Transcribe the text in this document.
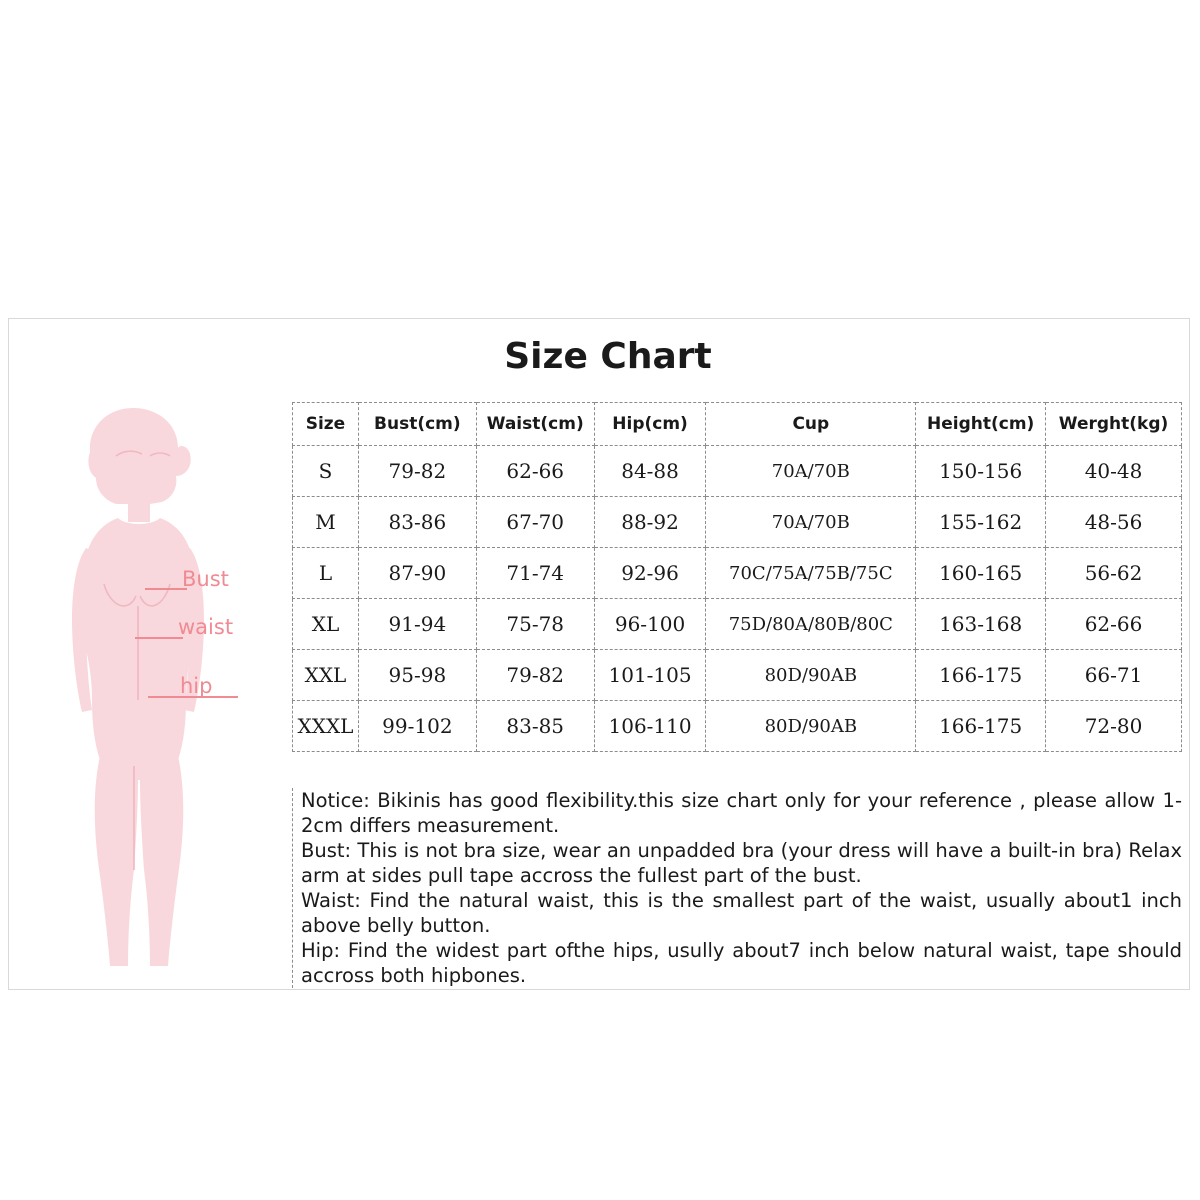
Size Chart
Bust
waist
hip
Size	Bust(cm)	Waist(cm)	Hip(cm)	Cup	Height(cm)	Werght(kg)
S	79-82	62-66	84-88	70A/70B	150-156	40-48
M	83-86	67-70	88-92	70A/70B	155-162	48-56
L	87-90	71-74	92-96	70C/75A/75B/75C	160-165	56-62
XL	91-94	75-78	96-100	75D/80A/80B/80C	163-168	62-66
XXL	95-98	79-82	101-105	80D/90AB	166-175	66-71
XXXL	99-102	83-85	106-110	80D/90AB	166-175	72-80

Notice: Bikinis has good flexibility.this size chart only for your reference , please allow 1-2cm differs measurement.

Bust: This is not bra size, wear an unpadded bra (your dress will have a built-in bra) Relax arm at sides pull tape accross the fullest part of the bust.

Waist: Find the natural waist, this is the smallest part of the waist, usually about1 inch above belly button.

Hip: Find the widest part ofthe hips, usully about7 inch below natural waist, tape should accross both hipbones.
